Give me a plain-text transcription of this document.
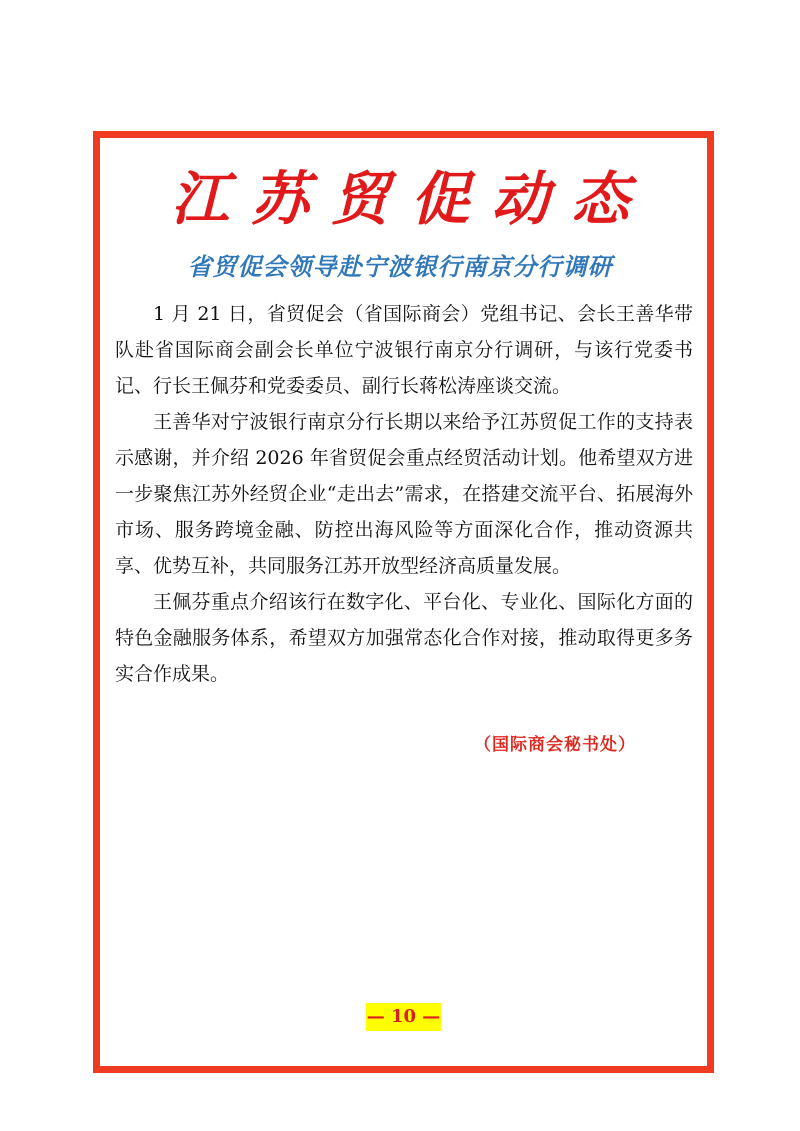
江苏贸促动态
省贸促会领导赴宁波银行南京分行调研

1 月 21 日，省贸促会（省国际商会）党组书记、会长王善华带队赴省国际商会副会长单位宁波银行南京分行调研，与该行党委书记、行长王佩芬和党委委员、副行长蒋松涛座谈交流。

王善华对宁波银行南京分行长期以来给予江苏贸促工作的支持表示感谢，并介绍 2026 年省贸促会重点经贸活动计划。他希望双方进一步聚焦江苏外经贸企业“走出去”需求，在搭建交流平台、拓展海外市场、服务跨境金融、防控出海风险等方面深化合作，推动资源共享、优势互补，共同服务江苏开放型经济高质量发展。

王佩芬重点介绍该行在数字化、平台化、专业化、国际化方面的特色金融服务体系，希望双方加强常态化合作对接，推动取得更多务实合作成果。

（国际商会秘书处）
— 10 —
